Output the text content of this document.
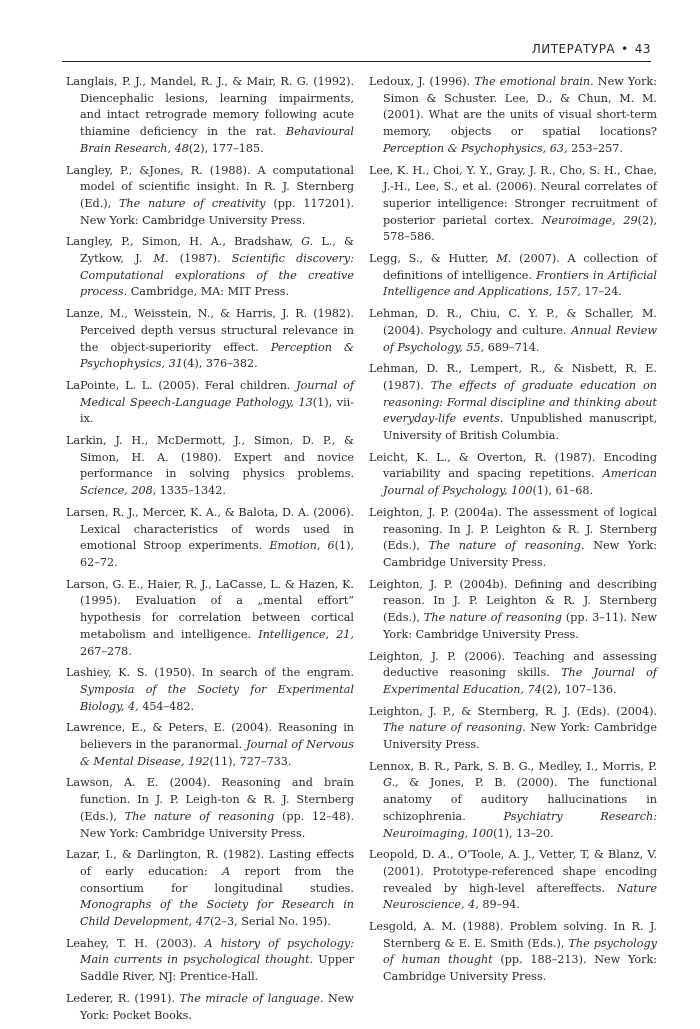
ЛИТЕРАТУРА • 43

Langlais, P. J., Mandel, R. J., & Mair, R. G. (1992). Diencephalic lesions, learning impairments, and intact retrograde memory following acute thiamine deficiency in the rat. Behavioural Brain Research, 48(2), 177–185.

Langley, P., &Jones, R. (1988). A computational model of scientific insight. In R. J. Sternberg (Ed.), The nature of creativity (pp. 117201). New York: Cambridge University Press.

Langley, P., Simon, H. A., Bradshaw, G. L., & Zytkow, J. M. (1987). Scientific discovery: Computational explorations of the creative process. Cambridge, MA: MIT Press.

Lanze, M., Weisstein, N., & Harris, J. R. (1982). Perceived depth versus structural relevance in the object-superiority effect. Perception & Psychophysics, 31(4), 376–382.

LaPointe, L. L. (2005). Feral children. Journal of Medical Speech-Language Pathology, 13(1), vii-ix.

Larkin, J. H., McDermott, J., Simon, D. P., & Simon, H. A. (1980). Expert and novice performance in solving physics problems. Science, 208, 1335–1342.

Larsen, R. J., Mercer, K. A., & Balota, D. A. (2006). Lexical characteristics of words used in emotional Stroop experiments. Emotion, 6(1), 62–72.

Larson, G. E., Haier, R. J., LaCasse, L. & Hazen, K. (1995). Evaluation of a „mental effort“ hypothesis for correlation between cortical metabolism and intelligence. Intelligence, 21, 267–278.

Lashiey, K. S. (1950). In search of the engram. Symposia of the Society for Experimental Biology, 4, 454–482.

Lawrence, E., & Peters, E. (2004). Reasoning in believers in the paranormal. Journal of Nervous & Mental Disease, 192(11), 727–733.

Lawson, A. E. (2004). Reasoning and brain function. In J. P. Leigh-ton & R. J. Sternberg (Eds.), The nature of reasoning (pp. 12–48). New York: Cambridge University Press.

Lazar, I., & Darlington, R. (1982). Lasting effects of early education: A report from the consortium for longitudinal studies. Monographs of the Society for Research in Child Development, 47(2–3, Serial No. 195).

Leahey, T. H. (2003). A history of psychology: Main currents in psychological thought. Upper Saddle River, NJ: Prentice-Hall.

Lederer, R. (1991). The miracle of language. New York: Pocket Books.

Ledoux, J. (1996). The emotional brain. New York: Simon & Schuster. Lee, D., & Chun, M. M. (2001). What are the units of visual short-term memory, objects or spatial locations? Perception & Psychophysics, 63, 253–257.

Lee, K. H., Choi, Y. Y., Gray, J. R., Cho, S. H., Chae, J.-H., Lee, S., et al. (2006). Neural correlates of superior intelligence: Stronger recruitment of posterior parietal cortex. Neuroimage, 29(2), 578–586.

Legg, S., & Hutter, M. (2007). A collection of definitions of intelligence. Frontiers in Artificial Intelligence and Applications, 157, 17–24.

Lehman, D. R., Chiu, C. Y. P., & Schaller, M. (2004). Psychology and culture. Annual Review of Psychology, 55, 689–714.

Lehman, D. R., Lempert, R., & Nisbett, R. E. (1987). The effects of graduate education on reasoning: Formal discipline and thinking about everyday-life events. Unpublished manuscript, University of British Columbia.

Leicht, K. L., & Overton, R. (1987). Encoding variability and spacing repetitions. American Journal of Psychology, 100(1), 61–68.

Leighton, J. P. (2004a). The assessment of logical reasoning. In J. P. Leighton & R. J. Sternberg (Eds.), The nature of reasoning. New York: Cambridge University Press.

Leighton, J. P. (2004b). Defining and describing reason. In J. P. Leighton & R. J. Sternberg (Eds.), The nature of reasoning (pp. 3–11). New York: Cambridge University Press.

Leighton, J. P. (2006). Teaching and assessing deductive reasoning skills. The Journal of Experimental Education, 74(2), 107–136.

Leighton, J. P., & Sternberg, R. J. (Eds). (2004). The nature of reasoning. New York: Cambridge University Press.

Lennox, B. R., Park, S. B. G., Medley, I., Morris, P. G., & Jones, P. B. (2000). The functional anatomy of auditory hallucinations in schizophrenia. Psychiatry Research: Neuroimaging, 100(1), 13–20.

Leopold, D. A., O’Toole, A. J., Vetter, T, & Blanz, V. (2001). Prototype-referenced shape encoding revealed by high-level aftereffects. Nature Neuroscience, 4, 89–94.

Lesgold, A. M. (1988). Problem solving. In R. J. Sternberg & E. E. Smith (Eds.), The psychology of human thought (pp. 188–213). New York: Cambridge University Press.
